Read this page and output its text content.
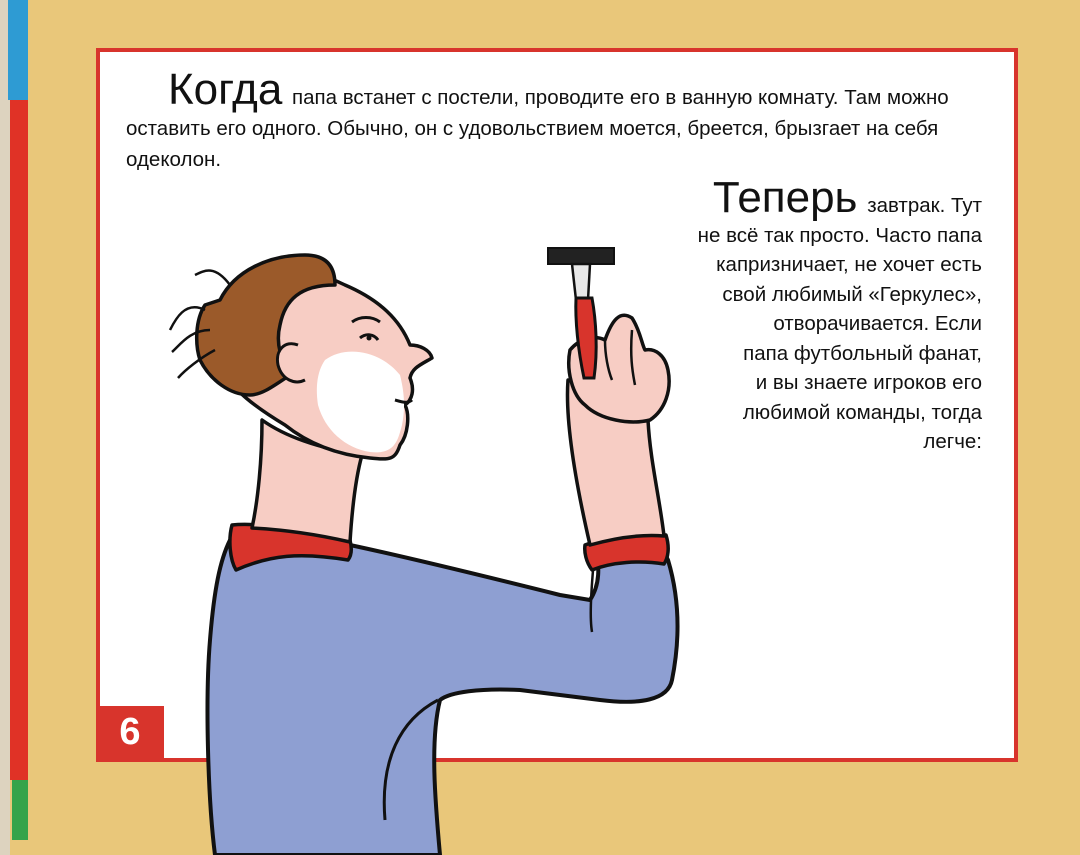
Когда папа встанет с постели, проводите его в ванную комнату. Там можно оставить его одного. Обычно, он с удовольствием моется, бреется, брызгает на себя одеколон.
Теперь завтрак. Тут
не всё так просто. Часто папа
капризничает, не хочет есть
свой любимый «Геркулес»,
отворачивается. Если
папа футбольный фанат,
и вы знаете игроков его
любимой команды, тогда
легче:
6
